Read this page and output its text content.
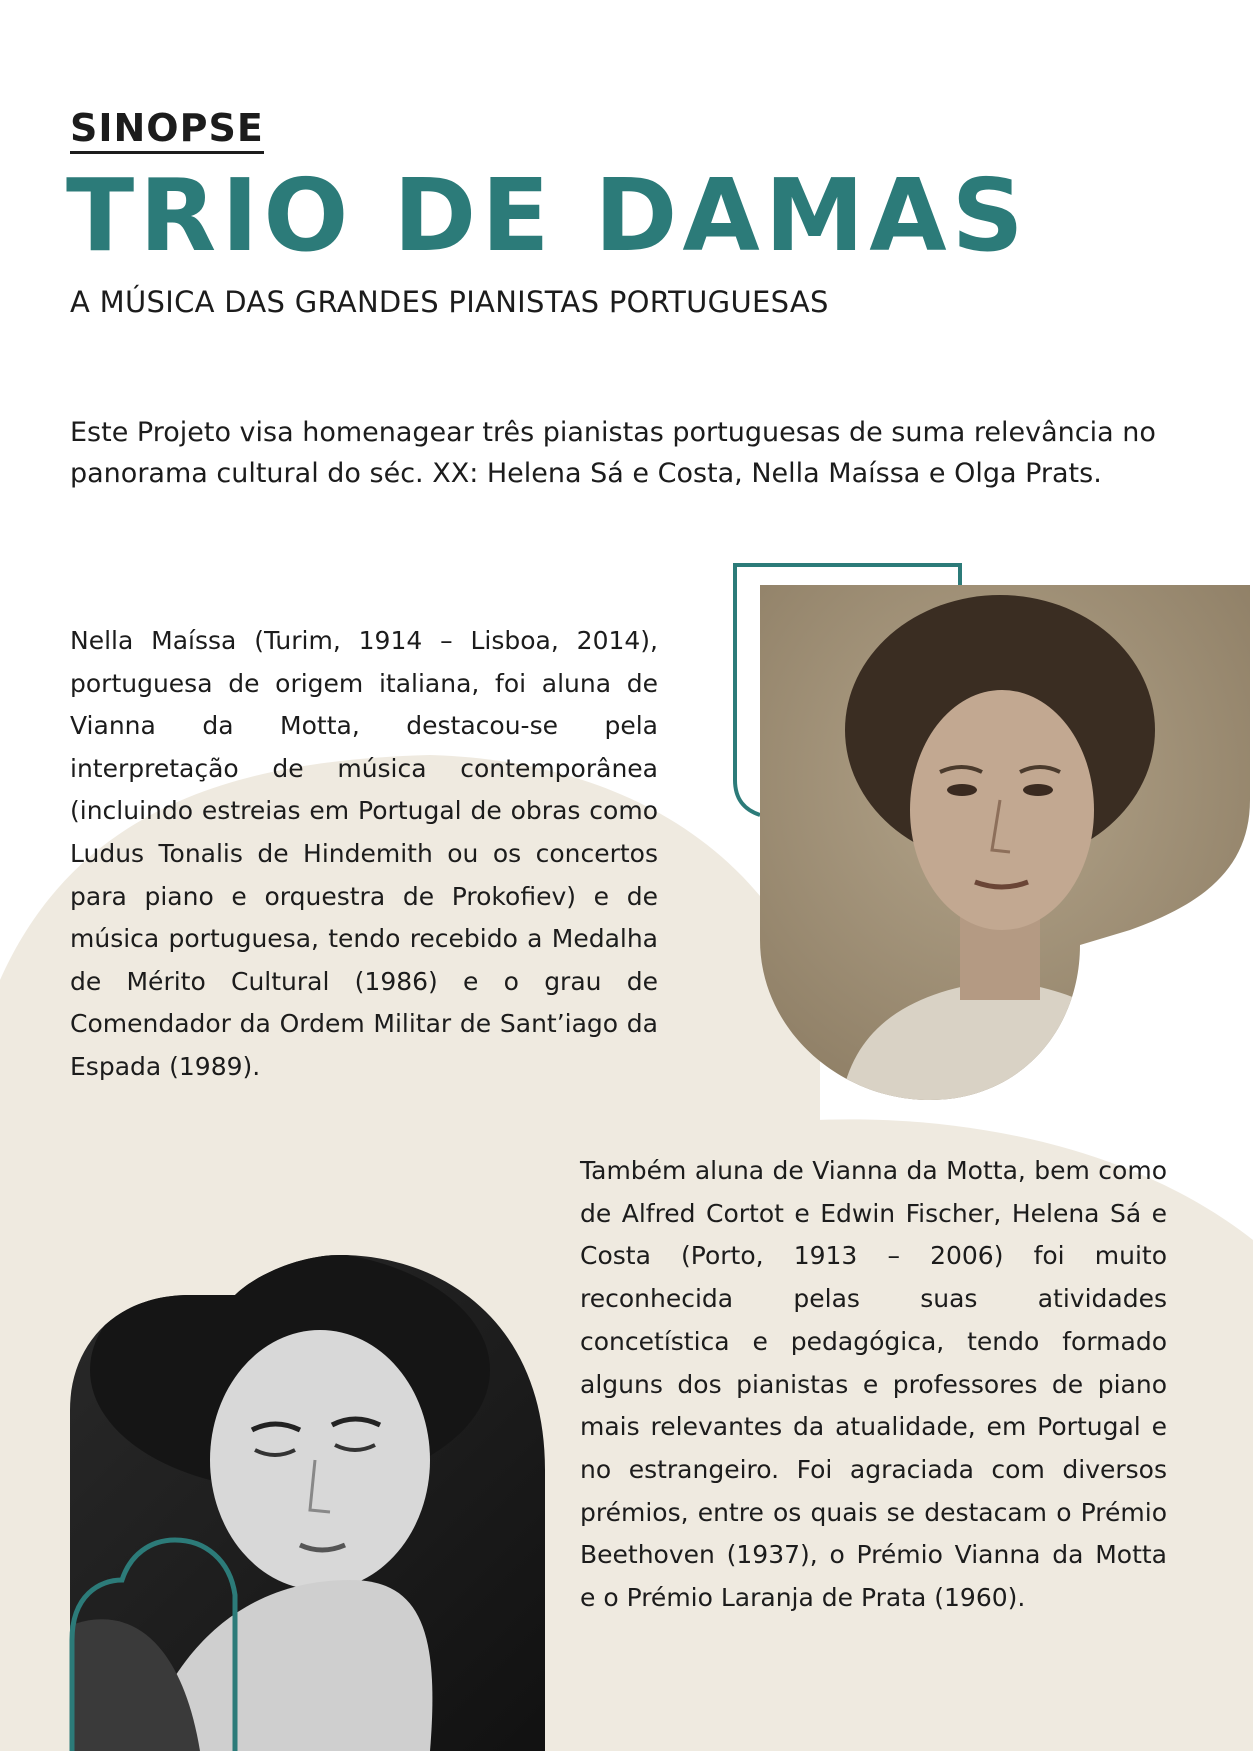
SINOPSE
TRIO DE DAMAS
A MÚSICA DAS GRANDES PIANISTAS PORTUGUESAS

Este Projeto visa homenagear três pianistas portuguesas de suma relevância no panorama cultural do séc. XX: Helena Sá e Costa, Nella Maíssa e Olga Prats.

Nella Maíssa (Turim, 1914 – Lisboa, 2014), portuguesa de origem italiana, foi aluna de Vianna da Motta, destacou-se pela interpretação de música contemporânea (incluindo estreias em Portugal de obras como Ludus Tonalis de Hindemith ou os concertos para piano e orquestra de Prokofiev) e de música portuguesa, tendo recebido a Medalha de Mérito Cultural (1986) e o grau de Comendador da Ordem Militar de Sant’iago da Espada (1989).

Também aluna de Vianna da Motta, bem como de Alfred Cortot e Edwin Fischer, Helena Sá e Costa (Porto, 1913 – 2006) foi muito reconhecida pelas suas atividades concetística e pedagógica, tendo formado alguns dos pianistas e professores de piano mais relevantes da atualidade, em Portugal e no estrangeiro. Foi agraciada com diversos prémios, entre os quais se destacam o Prémio Beethoven (1937), o Prémio Vianna da Motta e o Prémio Laranja de Prata (1960).
